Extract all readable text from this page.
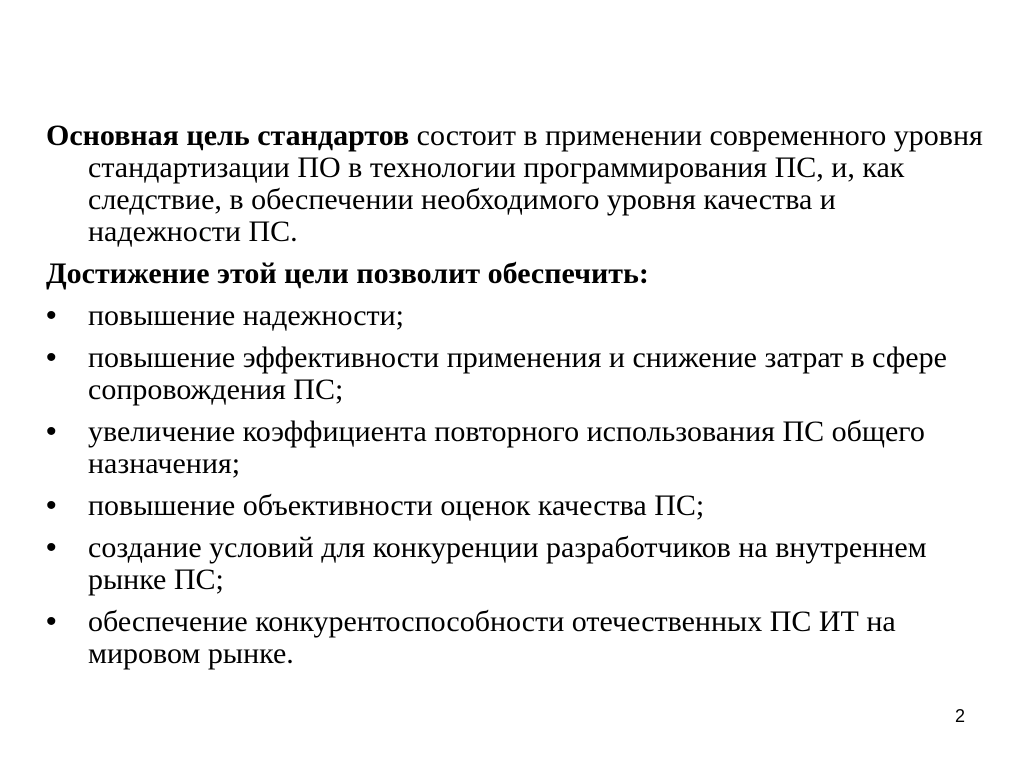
Основная цель стандартов состоит в применении современного уровня стандартизации ПО в технологии программирования ПС, и, как следствие, в обеспечении необходимого уровня качества и надежности ПС.

Достижение этой цели позволит обеспечить:

•	повышение надежности;
•	повышение эффективности применения и снижение затрат в сфере сопровождения ПС;
•	увеличение коэффициента повторного использования ПС общего назначения;
•	повышение объективности оценок качества ПС;
•	создание условий для конкуренции разработчиков на внутреннем рынке ПС;
•	обеспечение конкурентоспособности отечественных ПС ИТ на мировом рынке.
2
